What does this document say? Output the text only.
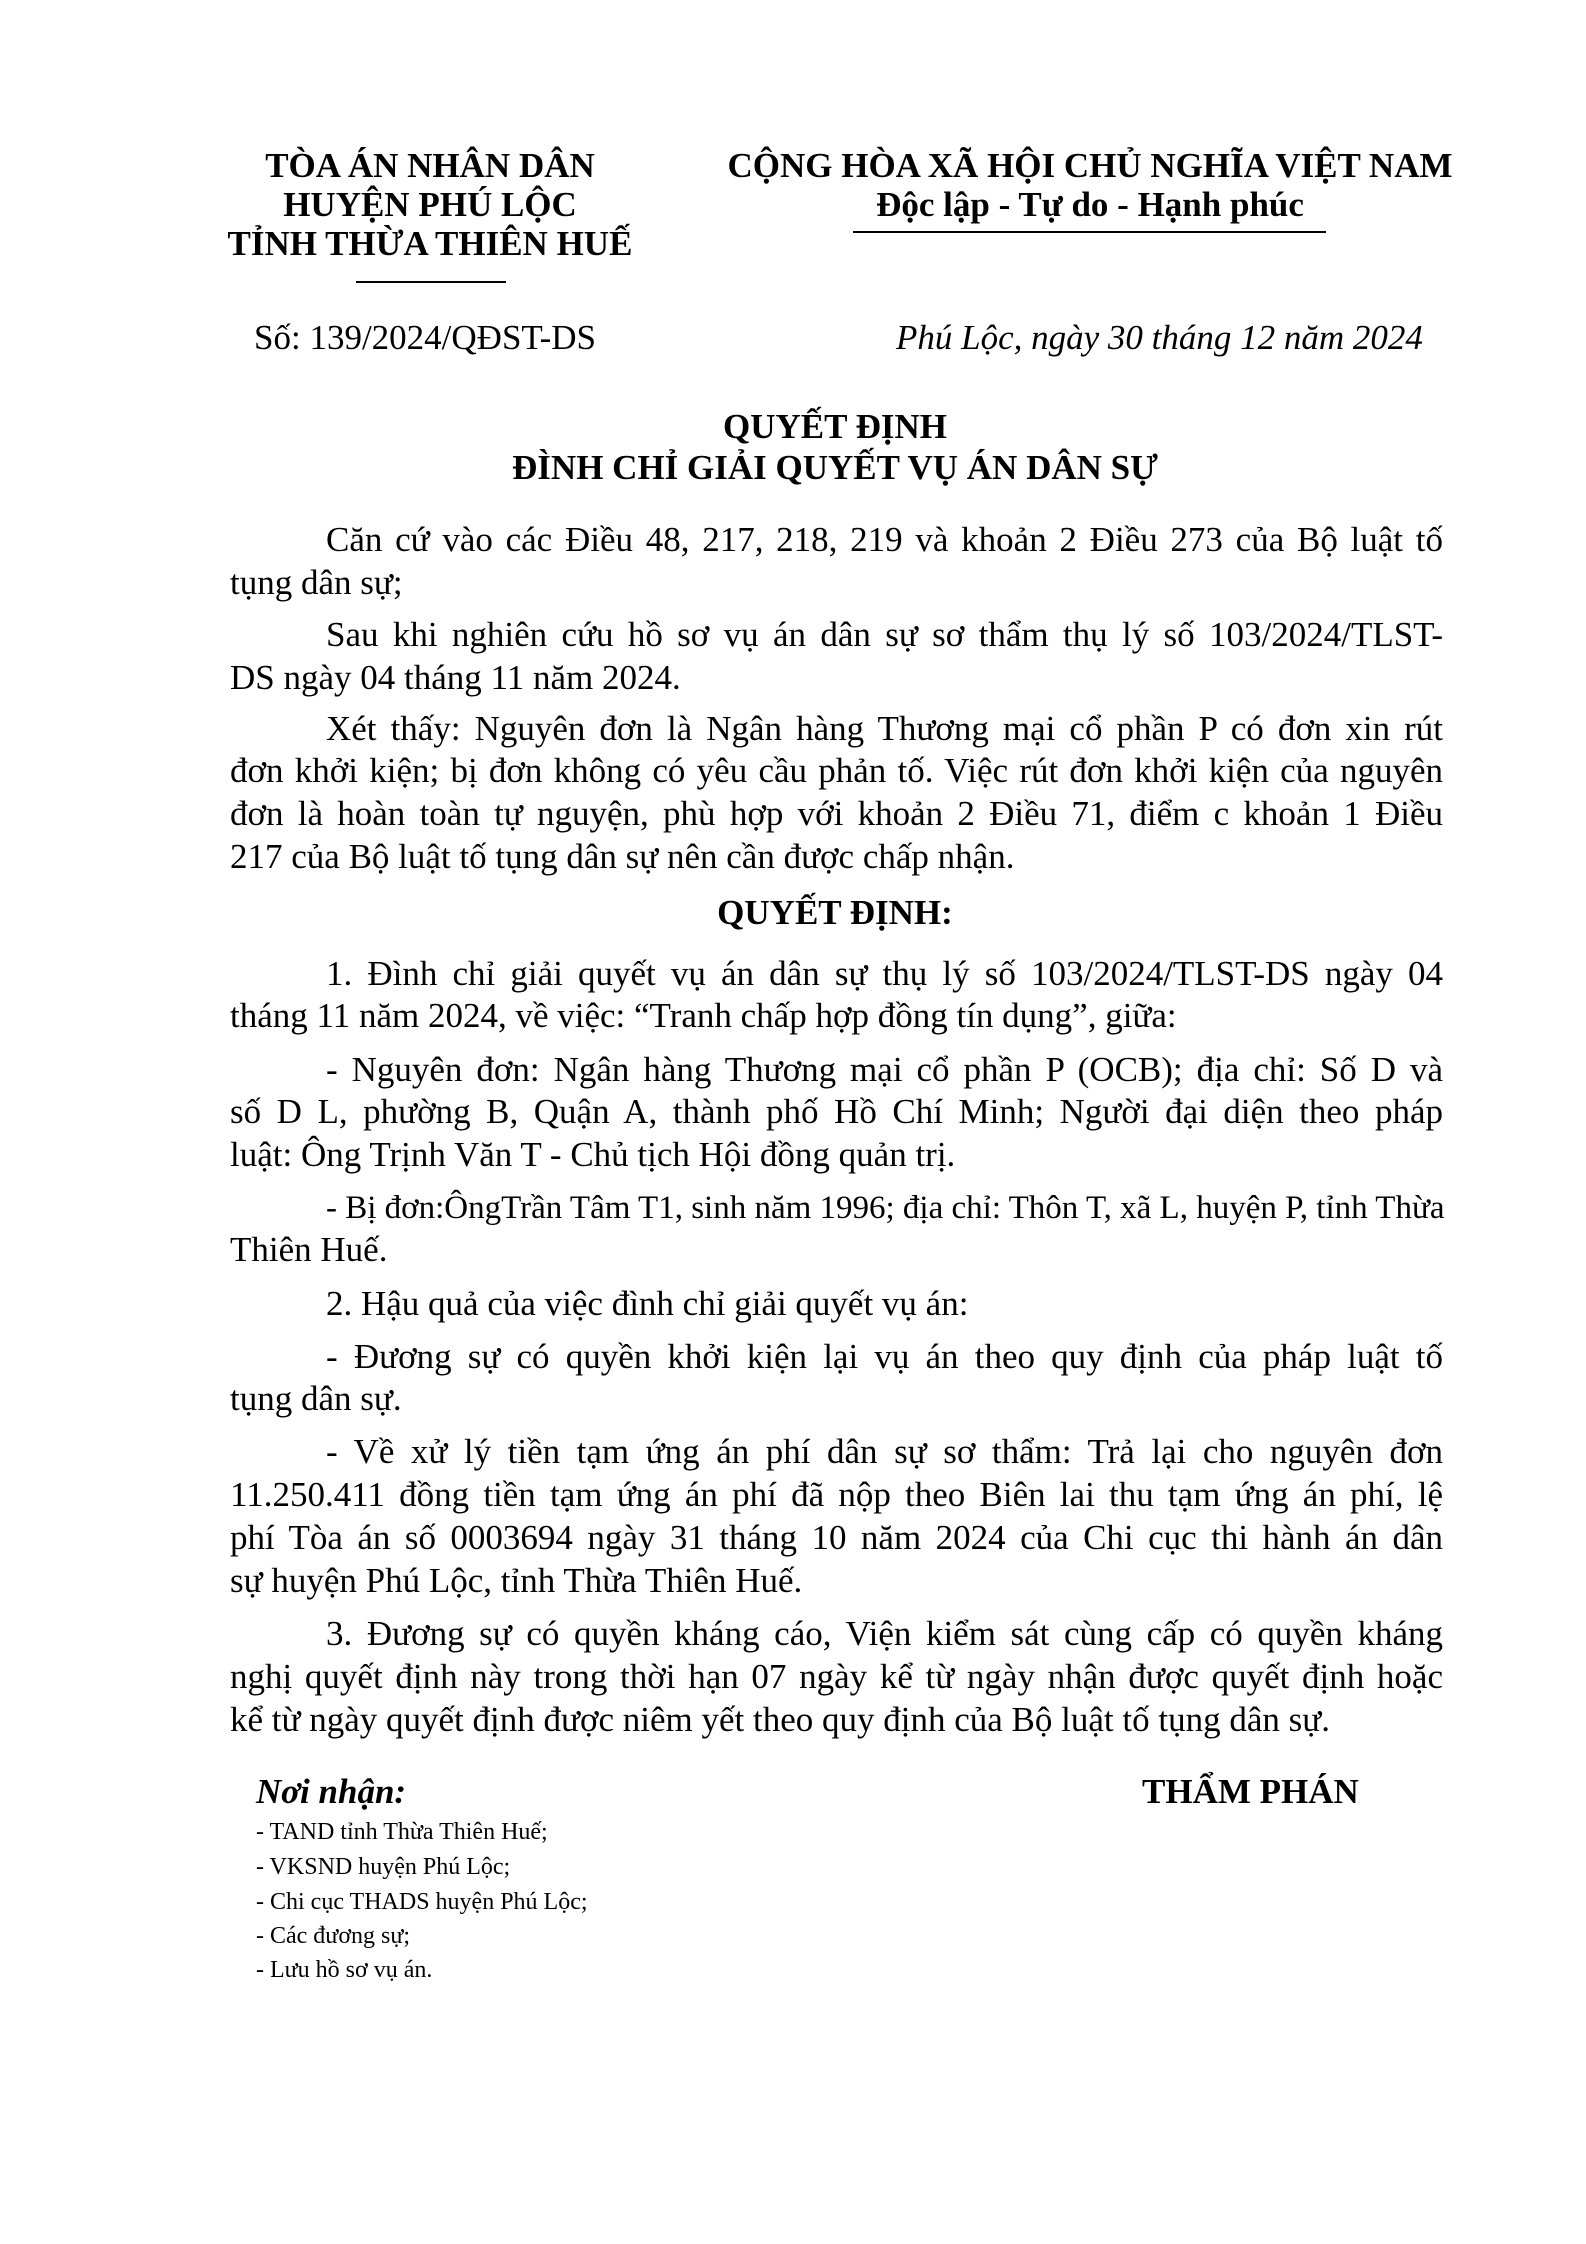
TÒA ÁN NHÂN DÂN
HUYỆN PHÚ LỘC
TỈNH THỪA THIÊN HUẾ
CỘNG HÒA XÃ HỘI CHỦ NGHĨA VIỆT NAM
Độc lập - Tự do - Hạnh phúc
Số: 139/2024/QĐST-DS	Phú Lộc, ngày 30 tháng 12 năm 2024
QUYẾT ĐỊNH
ĐÌNH CHỈ GIẢI QUYẾT VỤ ÁN DÂN SỰ
Căn cứ vào các Điều 48, 217, 218, 219 và khoản 2 Điều 273 của Bộ luật tố
tụng dân sự;
Sau khi nghiên cứu hồ sơ vụ án dân sự sơ thẩm thụ lý số 103/2024/TLST-
DS ngày 04 tháng 11 năm 2024.
Xét thấy: Nguyên đơn là Ngân hàng Thương mại cổ phần P có đơn xin rút
đơn khởi kiện; bị đơn không có yêu cầu phản tố. Việc rút đơn khởi kiện của nguyên
đơn là hoàn toàn tự nguyện, phù hợp với khoản 2 Điều 71, điểm c khoản 1 Điều
217 của Bộ luật tố tụng dân sự nên cần được chấp nhận.
QUYẾT ĐỊNH:
1. Đình chỉ giải quyết vụ án dân sự thụ lý số 103/2024/TLST-DS ngày 04
tháng 11 năm 2024, về việc: “Tranh chấp hợp đồng tín dụng”, giữa:
- Nguyên đơn: Ngân hàng Thương mại cổ phần P (OCB); địa chỉ: Số D và
số D L, phường B, Quận A, thành phố Hồ Chí Minh; Người đại diện theo pháp
luật: Ông Trịnh Văn T - Chủ tịch Hội đồng quản trị.
- Bị đơn:ÔngTrần Tâm T1, sinh năm 1996; địa chỉ: Thôn T, xã L, huyện P, tỉnh Thừa
Thiên Huế.
2. Hậu quả của việc đình chỉ giải quyết vụ án:
- Đương sự có quyền khởi kiện lại vụ án theo quy định của pháp luật tố
tụng dân sự.
- Về xử lý tiền tạm ứng án phí dân sự sơ thẩm: Trả lại cho nguyên đơn
11.250.411 đồng tiền tạm ứng án phí đã nộp theo Biên lai thu tạm ứng án phí, lệ
phí Tòa án số 0003694 ngày 31 tháng 10 năm 2024 của Chi cục thi hành án dân
sự huyện Phú Lộc, tỉnh Thừa Thiên Huế.
3. Đương sự có quyền kháng cáo, Viện kiểm sát cùng cấp có quyền kháng
nghị quyết định này trong thời hạn 07 ngày kể từ ngày nhận được quyết định hoặc
kể từ ngày quyết định được niêm yết theo quy định của Bộ luật tố tụng dân sự.
Nơi nhận:
- TAND tỉnh Thừa Thiên Huế;
- VKSND huyện Phú Lộc;
- Chi cục THADS huyện Phú Lộc;
- Các đương sự;
- Lưu hồ sơ vụ án.
THẨM PHÁN
